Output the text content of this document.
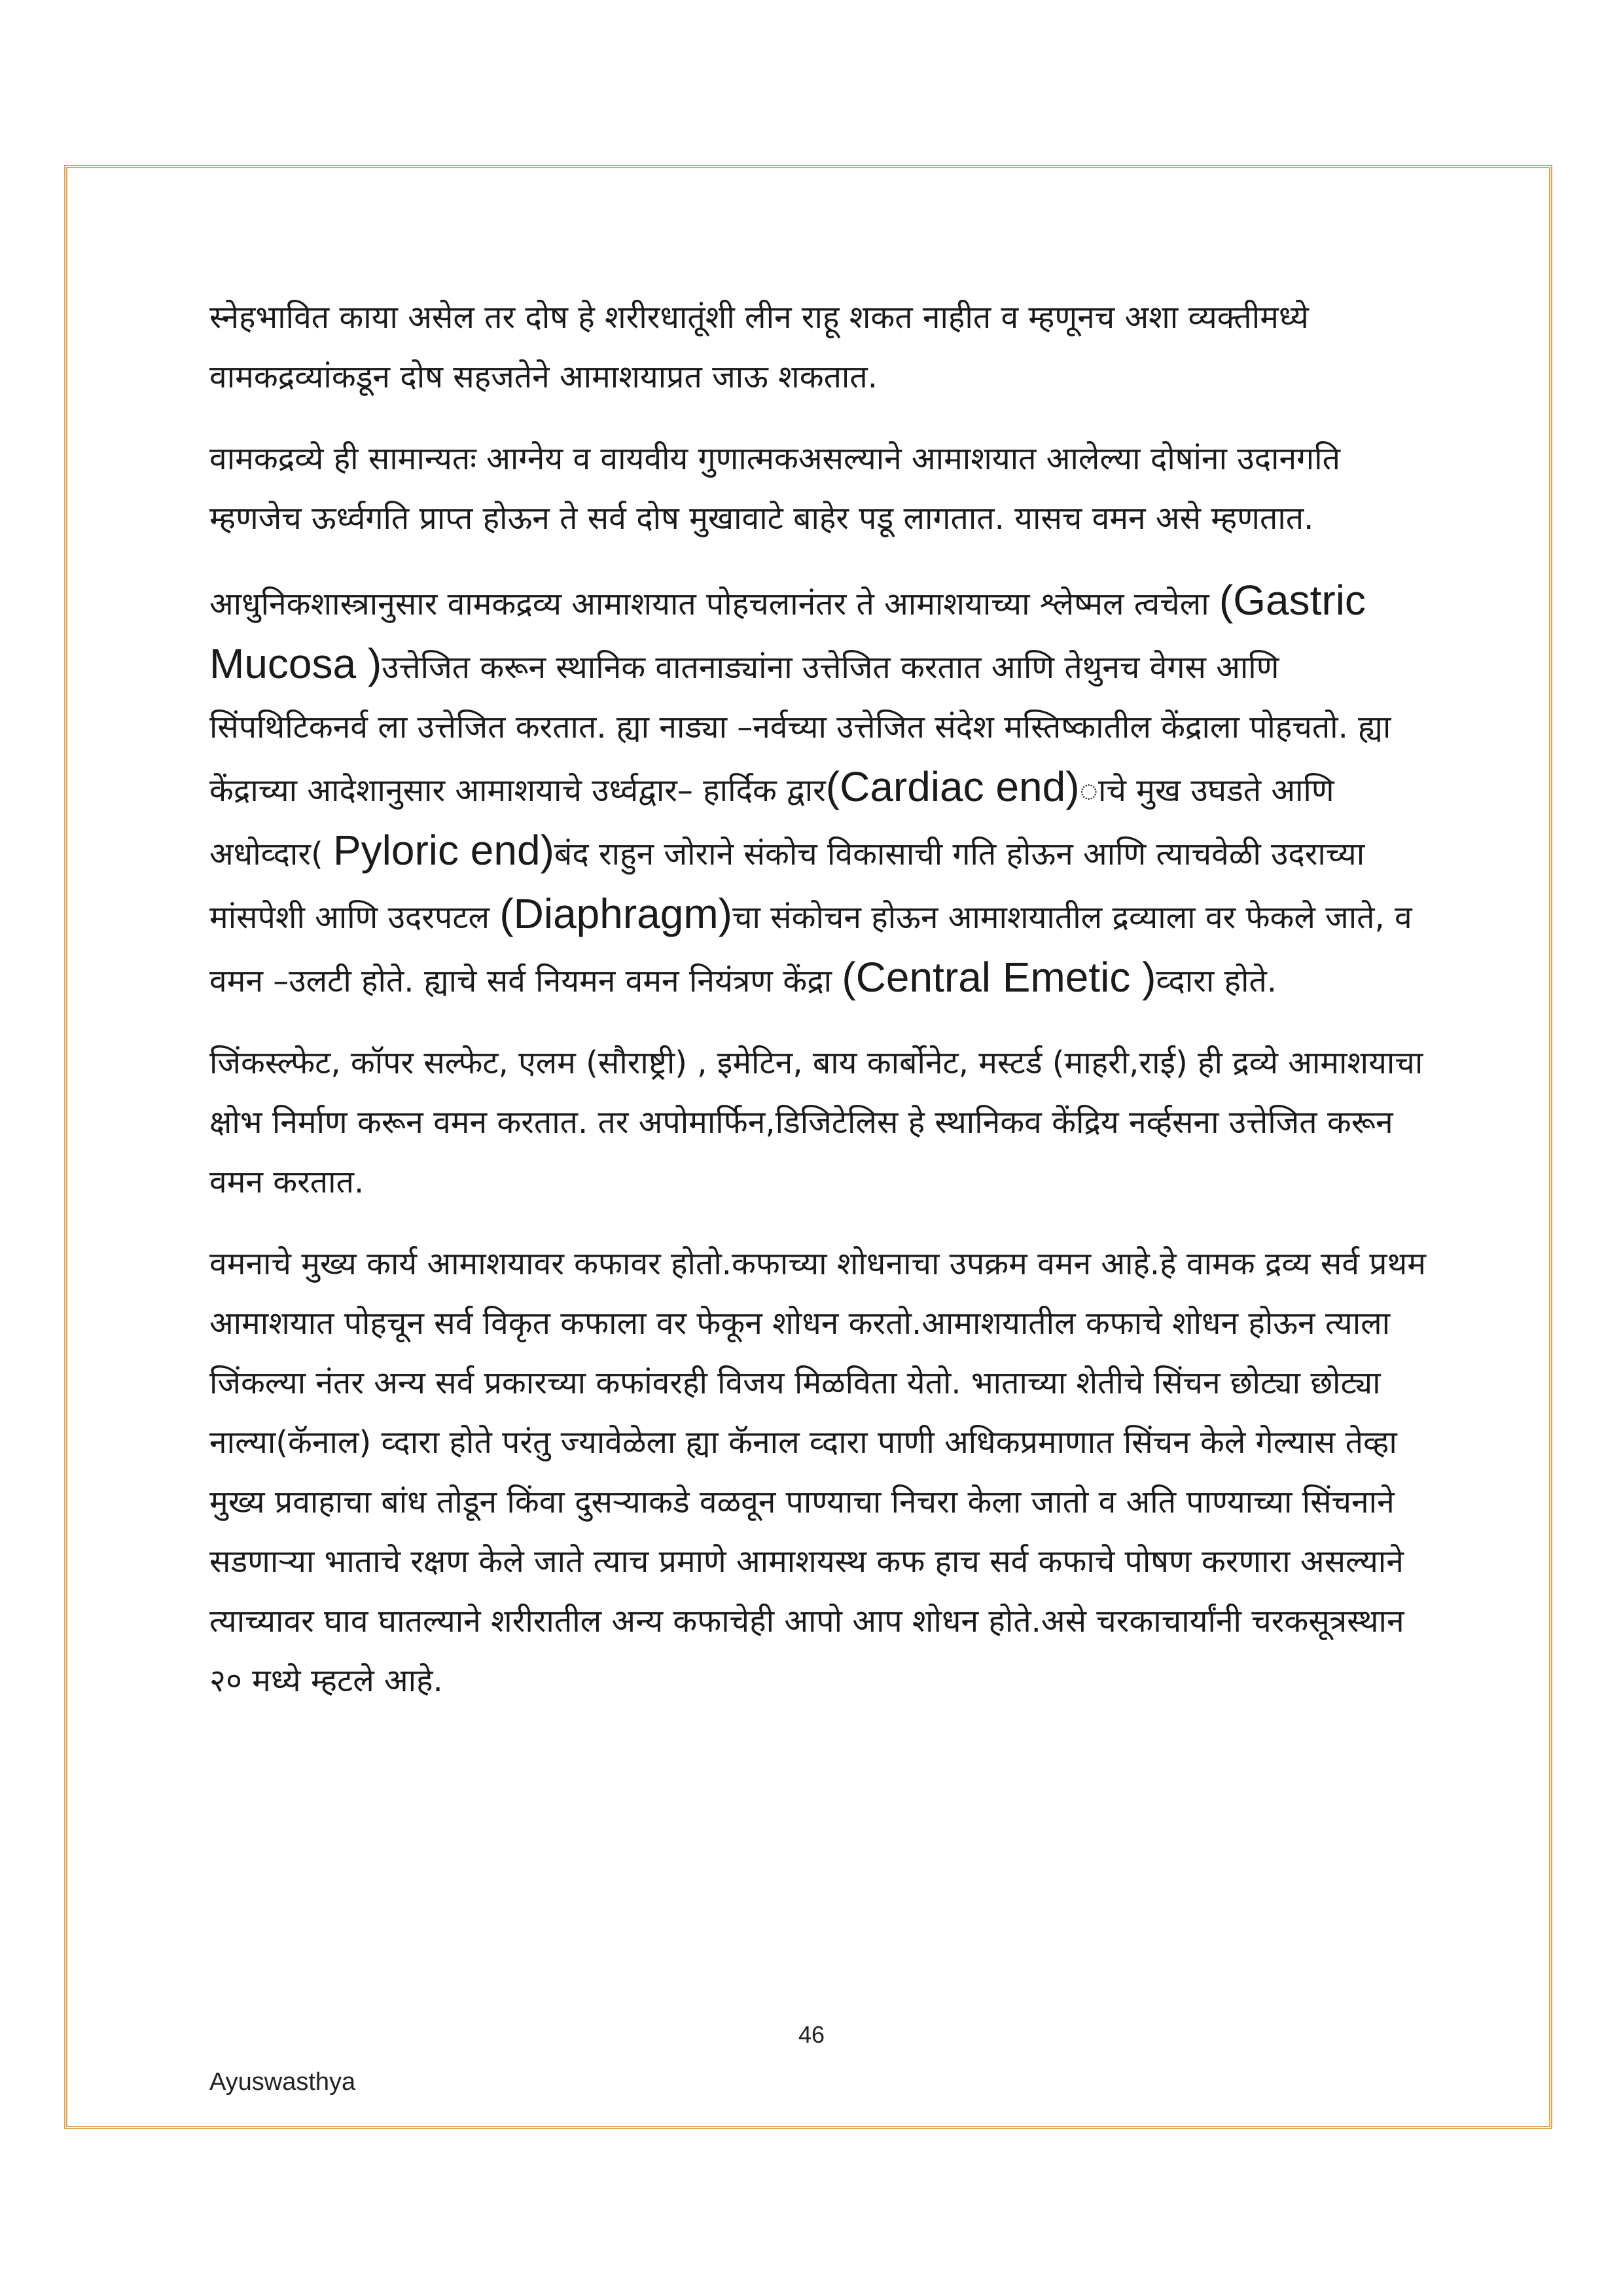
स्नेहभावित काया असेल तर दोष हे शरीरधातूंशी लीन राहू शकत नाहीत व म्हणूनच अशा व्यक्तीमध्ये वामकद्रव्यांकडून दोष सहजतेने आमाशयाप्रत जाऊ शकतात.

वामकद्रव्ये ही सामान्यतः आग्नेय व वायवीय गुणात्मकअसल्याने आमाशयात आलेल्या दोषांना उदानगति म्हणजेच ऊर्ध्वगति प्राप्त होऊन ते सर्व दोष मुखावाटे बाहेर पडू लागतात. यासच वमन असे म्हणतात.

आधुनिकशास्त्रानुसार वामकद्रव्य आमाशयात पोहचलानंतर ते आमाशयाच्या श्लेष्मल त्वचेला (Gastric Mucosa )उत्तेजित करून स्थानिक वातनाड्यांना उत्तेजित करतात आणि तेथुनच वेगस आणि सिंपथिटिकनर्व ला उत्तेजित करतात. ह्या नाड्या –नर्वच्या उत्तेजित संदेश मस्तिष्कातील केंद्राला पोहचतो. ह्या केंद्राच्या आदेशानुसार आमाशयाचे उर्ध्वद्वार– हार्दिक द्वार(Cardiac end)ाचे मुख उघडते आणि अधोव्दार( Pyloric end)बंद राहुन जोराने संकोच विकासाची गति होऊन आणि त्याचवेळी उदराच्या मांसपेशी आणि उदरपटल (Diaphragm)चा संकोचन होऊन आमाशयातील द्रव्याला वर फेकले जाते, व वमन –उलटी होते. ह्याचे सर्व नियमन वमन नियंत्रण केंद्रा (Central Emetic )व्दारा होते.

जिंकस्ल्फेट, कॉपर सल्फेट, एलम (सौराष्ट्री) , इमेटिन, बाय कार्बोनेट, मस्टर्ड (माहरी,राई) ही द्रव्ये आमाशयाचा क्षोभ निर्माण करून वमन करतात. तर अपोमार्फिन,डिजिटेलिस हे स्थानिकव केंद्रिय नर्व्हसना उत्तेजित करून वमन करतात.

वमनाचे मुख्य कार्य आमाशयावर कफावर होतो.कफाच्या शोधनाचा उपक्रम वमन आहे.हे वामक द्रव्य सर्व प्रथम आमाशयात पोहचून सर्व विकृत कफाला वर फेकून शोधन करतो.आमाशयातील कफाचे शोधन होऊन त्याला जिंकल्या नंतर अन्य सर्व प्रकारच्या कफांवरही विजय मिळविता येतो. भाताच्या शेतीचे सिंचन छोट्या छोट्या नाल्या(कॅनाल) व्दारा होते परंतु ज्यावेळेला ह्या कॅनाल व्दारा पाणी अधिकप्रमाणात सिंचन केले गेल्यास तेव्हा मुख्य प्रवाहाचा बांध तोडून किंवा दुसऱ्याकडे वळवून पाण्याचा निचरा केला जातो व अति पाण्याच्या सिंचनाने सडणाऱ्या भाताचे रक्षण केले जाते त्याच प्रमाणे आमाशयस्थ कफ हाच सर्व कफाचे पोषण करणारा असल्याने त्याच्यावर घाव घातल्याने शरीरातील अन्य कफाचेही आपो आप शोधन होते.असे चरकाचार्यांनी चरकसूत्रस्थान २० मध्ये म्हटले आहे.

46
Ayuswasthya
